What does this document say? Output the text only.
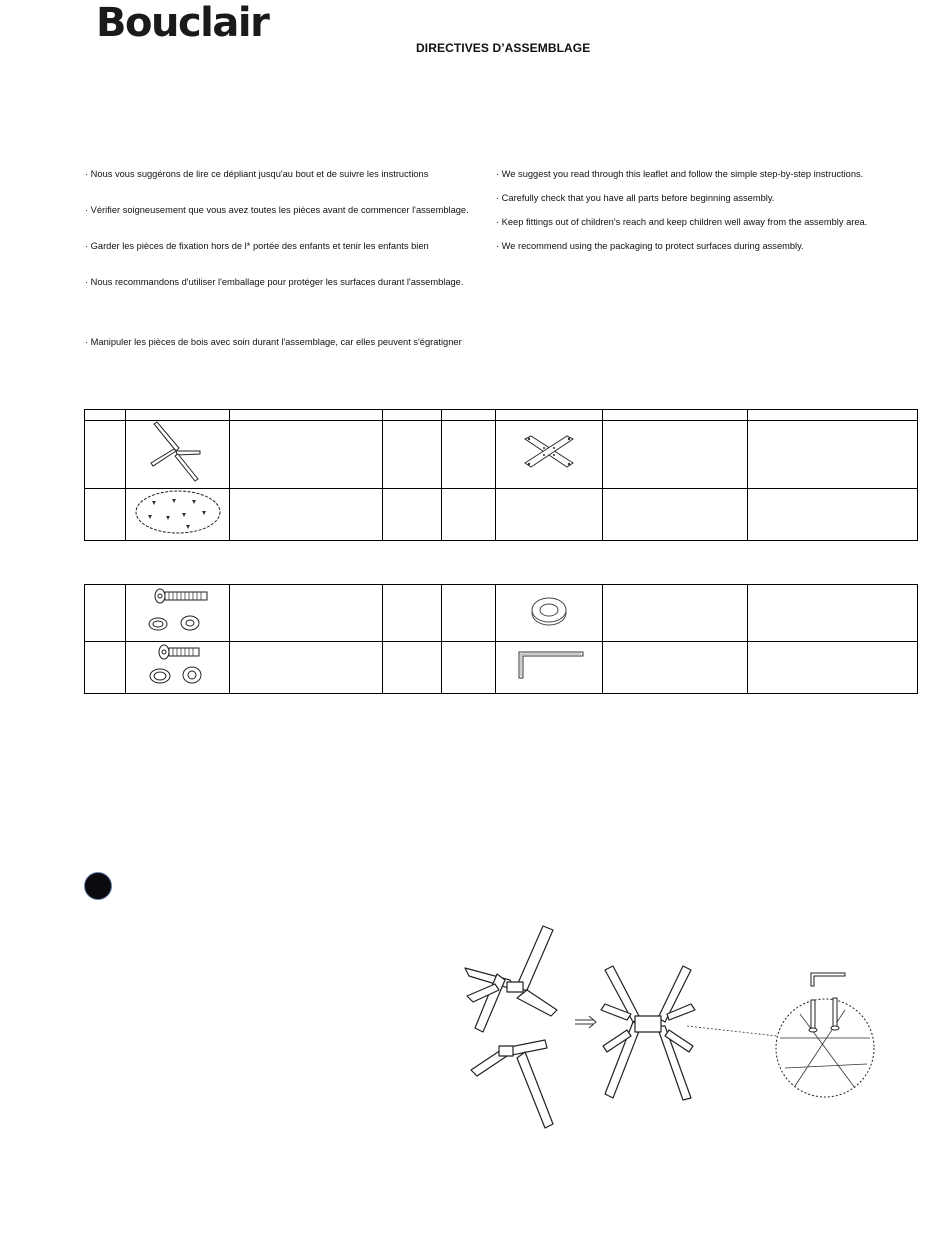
Bouclair
DIRECTIVES D’ASSEMBLAGE
· Nous vous suggérons de lire ce dépliant jusqu'au bout et de suivre les instructions
· Vérifier soigneusement que vous avez toutes les pièces avant de commencer l'assemblage.
· Garder les pièces de fixation hors de l* portée des enfants et tenir les enfants bien
· Nous recommandons d'utiliser l'emballage pour protéger les surfaces durant l'assemblage.
· Manipuler les pièces de bois avec soin durant l'assemblage, car elles peuvent s'égratigner
· We suggest you read through this leaflet and follow the simple step-by-step instructions.
· Carefully check that you have all parts before beginning assembly.
· Keep fittings out of children's reach and keep children well away from the assembly area.
· We recommend using the packaging to protect surfaces during assembly.
